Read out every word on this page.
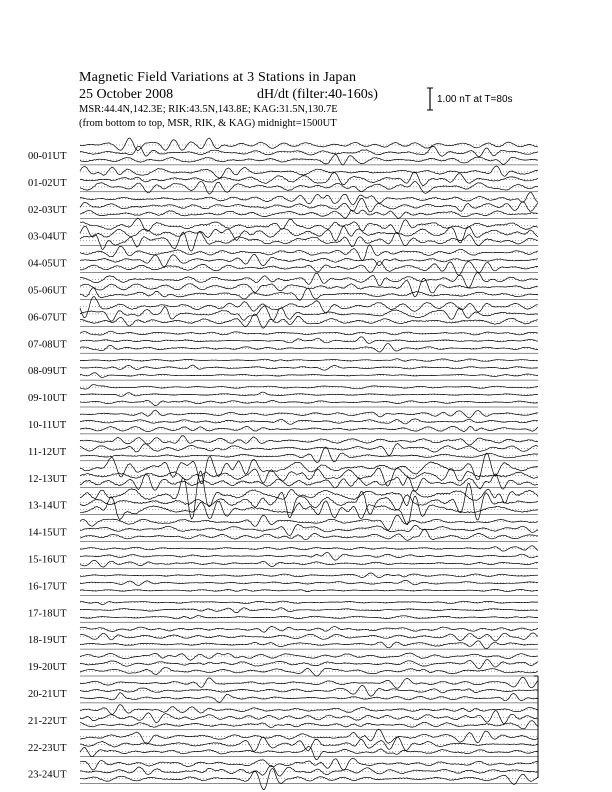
Magnetic Field Variations at 3 Stations in Japan
25 October 2008	dH/dt (filter:40-160s)
MSR:44.4N,142.3E; RIK:43.5N,143.8E; KAG:31.5N,130.7E
(from bottom to top, MSR, RIK, & KAG) midnight=1500UT
1.00 nT at T=80s
00-01UT
01-02UT
02-03UT
03-04UT
04-05UT
05-06UT
06-07UT
07-08UT
08-09UT
09-10UT
10-11UT
11-12UT
12-13UT
13-14UT
14-15UT
15-16UT
16-17UT
17-18UT
18-19UT
19-20UT
20-21UT
21-22UT
22-23UT
23-24UT
